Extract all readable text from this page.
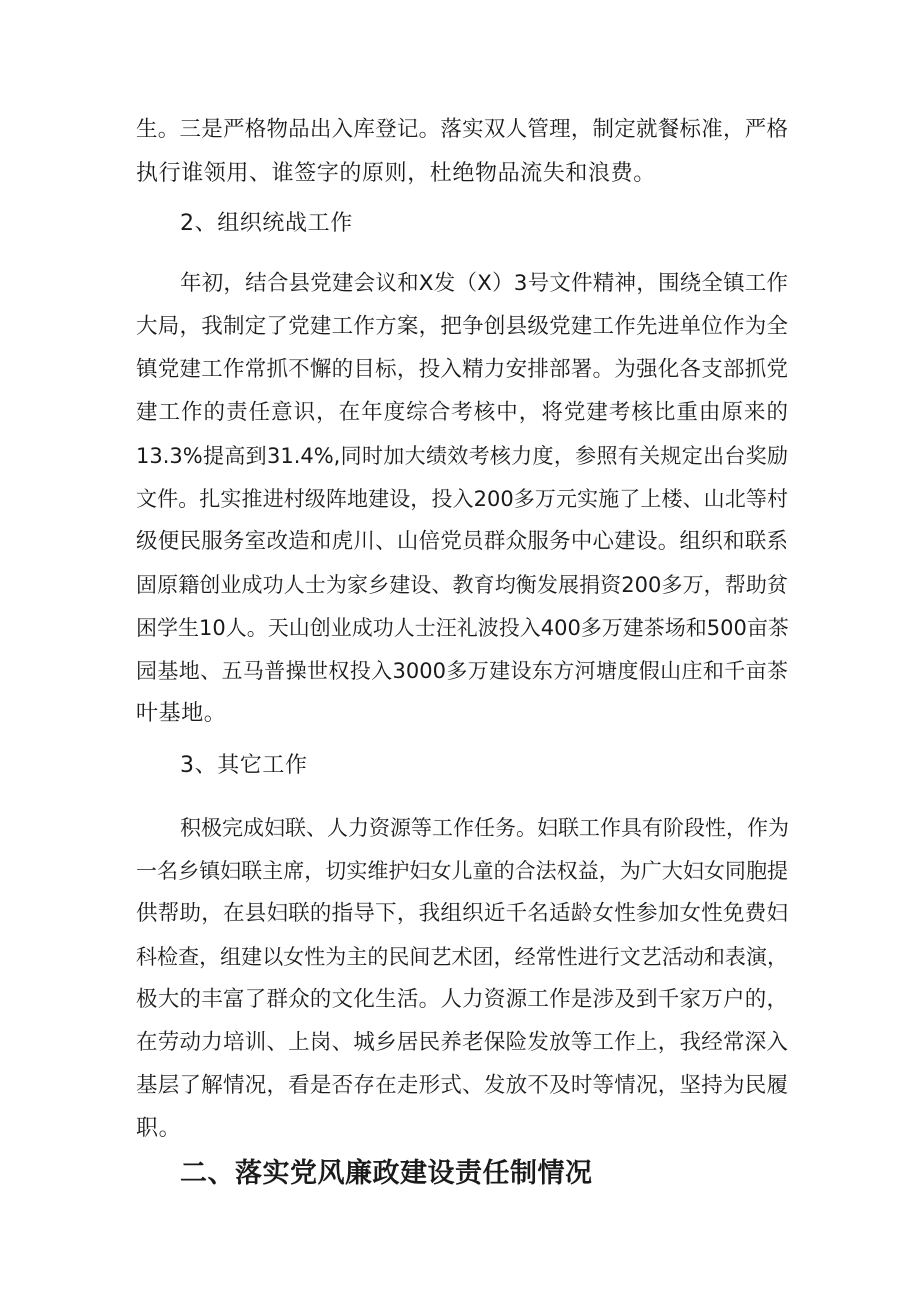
生。三是严格物品出入库登记。落实双人管理，制定就餐标准，严格
执行谁领用、谁签字的原则，杜绝物品流失和浪费。
2、组织统战工作
年初，结合县党建会议和X发（X）3号文件精神，围绕全镇工作
大局，我制定了党建工作方案，把争创县级党建工作先进单位作为全
镇党建工作常抓不懈的目标，投入精力安排部署。为强化各支部抓党
建工作的责任意识，在年度综合考核中，将党建考核比重由原来的
13.3%提高到31.4%,同时加大绩效考核力度，参照有关规定出台奖励
文件。扎实推进村级阵地建设，投入200多万元实施了上楼、山北等村
级便民服务室改造和虎川、山倍党员群众服务中心建设。组织和联系
固原籍创业成功人士为家乡建设、教育均衡发展捐资200多万，帮助贫
困学生10人。天山创业成功人士汪礼波投入400多万建茶场和500亩茶
园基地、五马普操世权投入3000多万建设东方河塘度假山庄和千亩茶
叶基地。
3、其它工作
积极完成妇联、人力资源等工作任务。妇联工作具有阶段性，作为
一名乡镇妇联主席，切实维护妇女儿童的合法权益，为广大妇女同胞提
供帮助，在县妇联的指导下，我组织近千名适龄女性参加女性免费妇
科检查，组建以女性为主的民间艺术团，经常性进行文艺活动和表演，
极大的丰富了群众的文化生活。人力资源工作是涉及到千家万户的，
在劳动力培训、上岗、城乡居民养老保险发放等工作上，我经常深入
基层了解情况，看是否存在走形式、发放不及时等情况，坚持为民履
职。
二、落实党风廉政建设责任制情况
